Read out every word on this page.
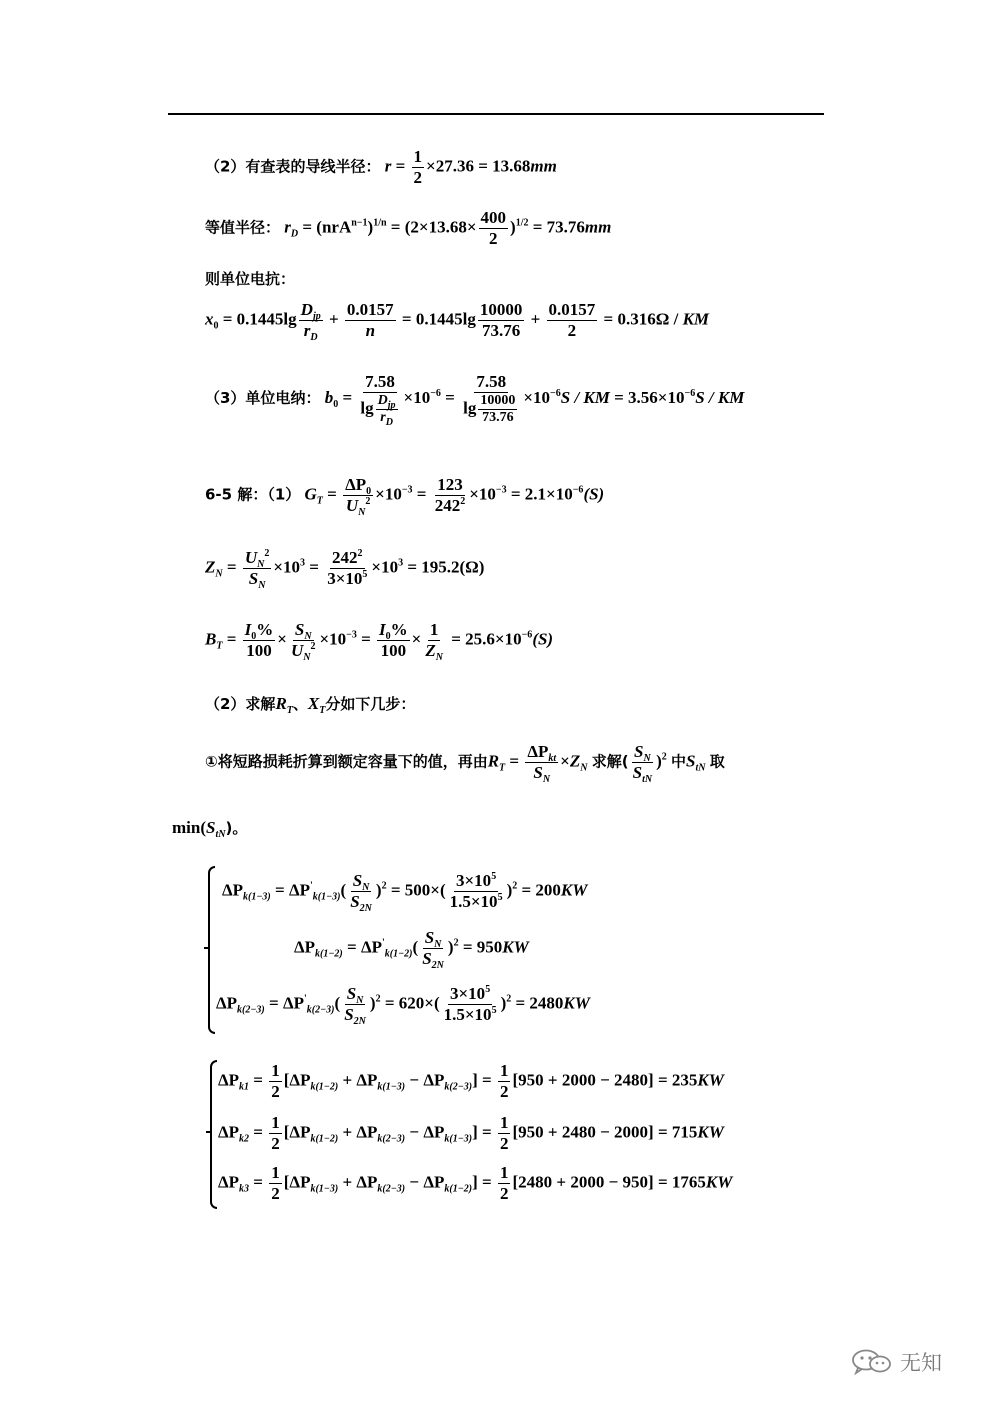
（2）有查表的导线半径： $r = \frac{1}{2} \times 27.36 = 13.68mm$
等值半径： $r_D = (nrA^{n-1})^{1/n} = (2\times 13.68\times \frac{400}{2} )^{1/2} = 73.76mm$
则单位电抗：
$x_0 = 0.1445\lg \frac{D_{jp}}{r_D} + \frac{0.0157}{n} = 0.1445\lg \frac{10000}{73.76} + \frac{0.0157}{2} = 0.316\Omega$ / KM
（3）单位电纳： $b_0 = \frac{7.58}{\lg \frac{D_{jp}}{r_D}} \times 10^{-6} = \frac{7.58}{\lg \frac{10000}{73.76}} \times 10^{-6}S$ / KM = $3.56\times 10^{-6}S$ / KM
6-5 解：（1） $G_T = \frac{\Delta P_0}{U_N^2} \times 10^{-3} = \frac{123}{242^2} \times 10^{-3} = 2.1\times 10^{-6}(S)$
$Z_N = \frac{U_N^2}{S_N} \times 10^3 = \frac{242^2}{3\times 10^5} \times 10^3 = 195.2(\Omega)$
$B_T = \frac{I_0\%}{100} \times \frac{S_N}{U_N^2} \times 10^{-3} = \frac{I_0\%}{100} \times \frac{1}{Z_N} = 25.6\times 10^{-6}(S)$
（2）求解$R_T$、$X_T$分如下几步：
①将短路损耗折算到额定容量下的值，再由$R_T = \frac{\Delta P_{kt}}{S_N} \times Z_N$ 求解( $\frac{S_N}{S_{tN}} )^2$ 中$S_{tN}$ 取
$\min(S_{tN})$。
$\Delta P_{k(1-3)} = \Delta P'_{k(1-3)}( \frac{S_N}{S_{2N}} )^2 = 500\times( \frac{3\times 10^5}{1.5\times 10^5} )^2 = 200KW$
$\Delta P_{k(1-2)} = \Delta P'_{k(1-2)}( \frac{S_N}{S_{2N}} )^2 = 950KW$
$\Delta P_{k(2-3)} = \Delta P'_{k(2-3)}( \frac{S_N}{S_{2N}} )^2 = 620\times( \frac{3\times 10^5}{1.5\times 10^5} )^2 = 2480KW$
$\Delta P_{k1} = \frac{1}{2} [\Delta P_{k(1-2)} + \Delta P_{k(1-3)} - \Delta P_{k(2-3)}] = \frac{1}{2} [950 + 2000 - 2480] = 235KW$
$\Delta P_{k2} = \frac{1}{2} [\Delta P_{k(1-2)} + \Delta P_{k(2-3)} - \Delta P_{k(1-3)}] = \frac{1}{2} [950 + 2480 - 2000] = 715KW$
$\Delta P_{k3} = \frac{1}{2} [\Delta P_{k(1-3)} + \Delta P_{k(2-3)} - \Delta P_{k(1-2)}] = \frac{1}{2} [2480 + 2000 - 950] = 1765KW$
无知
